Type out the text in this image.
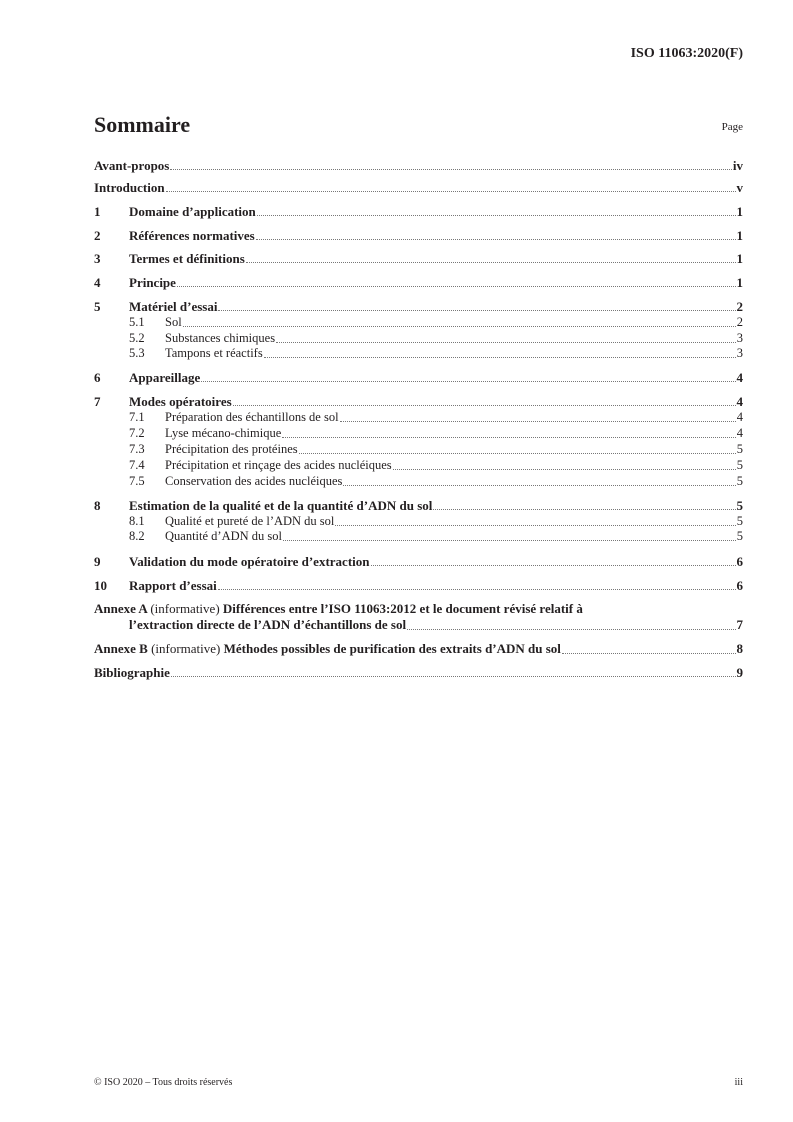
ISO 11063:2020(F)
Sommaire	Page
Avant-propos	iv
Introduction	v
1	Domaine d’application	1
2	Références normatives	1
3	Termes et définitions	1
4	Principe	1
5	Matériel d’essai	2
5.1	Sol	2
5.2	Substances chimiques	3
5.3	Tampons et réactifs	3
6	Appareillage	4
7	Modes opératoires	4
7.1	Préparation des échantillons de sol	4
7.2	Lyse mécano-chimique	4
7.3	Précipitation des protéines	5
7.4	Précipitation et rinçage des acides nucléiques	5
7.5	Conservation des acides nucléiques	5
8	Estimation de la qualité et de la quantité d’ADN du sol	5
8.1	Qualité et pureté de l’ADN du sol	5
8.2	Quantité d’ADN du sol	5
9	Validation du mode opératoire d’extraction	6
10	Rapport d’essai	6
Annexe A (informative) Différences entre l’ISO 11063:2012 et le document révisé relatif à
l’extraction directe de l’ADN d’échantillons de sol	7
Annexe B (informative) Méthodes possibles de purification des extraits d’ADN du sol	8
Bibliographie	9
© ISO 2020 – Tous droits réservés	iii
